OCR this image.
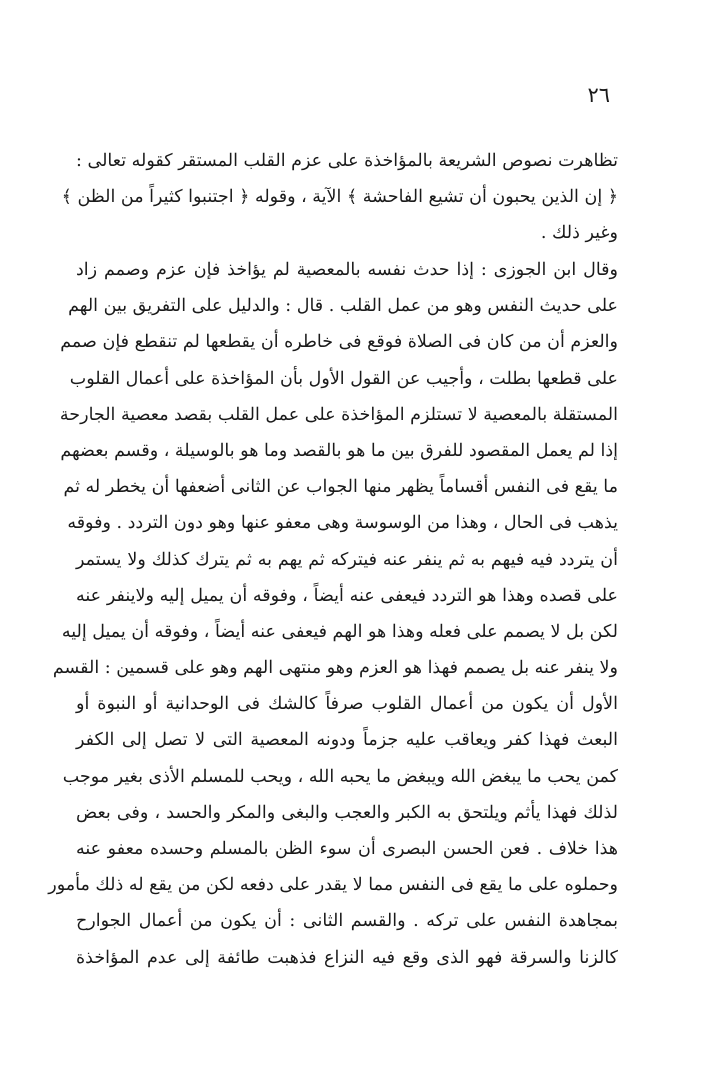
٢٦
تظاهرت نصوص الشريعة بالمؤاخذة على عزم القلب المستقر كقوله تعالى :
﴿ إن الذين يحبون أن تشيع الفاحشة ﴾ الآية ، وقوله ﴿ اجتنبوا كثيراً من الظن ﴾
وغير ذلك .
وقال ابن الجوزى : إذا حدث نفسه بالمعصية لم يؤاخذ فإن عزم وصمم زاد
على حديث النفس وهو من عمل القلب . قال : والدليل على التفريق بين الهم
والعزم أن من كان فى الصلاة فوقع فى خاطره أن يقطعها لم تنقطع فإن صمم
على قطعها بطلت ، وأجيب عن القول الأول بأن المؤاخذة على أعمال القلوب
المستقلة بالمعصية لا تستلزم المؤاخذة على عمل القلب بقصد معصية الجارحة
إذا لم يعمل المقصود للفرق بين ما هو بالقصد وما هو بالوسيلة ، وقسم بعضهم
ما يقع فى النفس أقساماً يظهر منها الجواب عن الثانى أضعفها أن يخطر له ثم
يذهب فى الحال ، وهذا من الوسوسة وهى معفو عنها وهو دون التردد . وفوقه
أن يتردد فيه فيهم به ثم ينفر عنه فيتركه ثم يهم به ثم يترك كذلك ولا يستمر
على قصده وهذا هو التردد فيعفى عنه أيضاً ، وفوقه أن يميل إليه ولاينفر عنه
لكن بل لا يصمم على فعله وهذا هو الهم فيعفى عنه أيضاً ، وفوقه أن يميل إليه
ولا ينفر عنه بل يصمم فهذا هو العزم وهو منتهى الهم وهو على قسمين : القسم
الأول أن يكون من أعمال القلوب صرفاً كالشك فى الوحدانية أو النبوة أو
البعث فهذا كفر ويعاقب عليه جزماً ودونه المعصية التى لا تصل إلى الكفر
كمن يحب ما يبغض الله ويبغض ما يحبه الله ، ويحب للمسلم الأذى بغير موجب
لذلك فهذا يأثم ويلتحق به الكبر والعجب والبغى والمكر والحسد ، وفى بعض
هذا خلاف . فعن الحسن البصرى أن سوء الظن بالمسلم وحسده معفو عنه
وحملوه على ما يقع فى النفس مما لا يقدر على دفعه لكن من يقع له ذلك مأمور
بمجاهدة النفس على تركه . والقسم الثانى : أن يكون من أعمال الجوارح
كالزنا والسرقة فهو الذى وقع فيه النزاع فذهبت طائفة إلى عدم المؤاخذة
